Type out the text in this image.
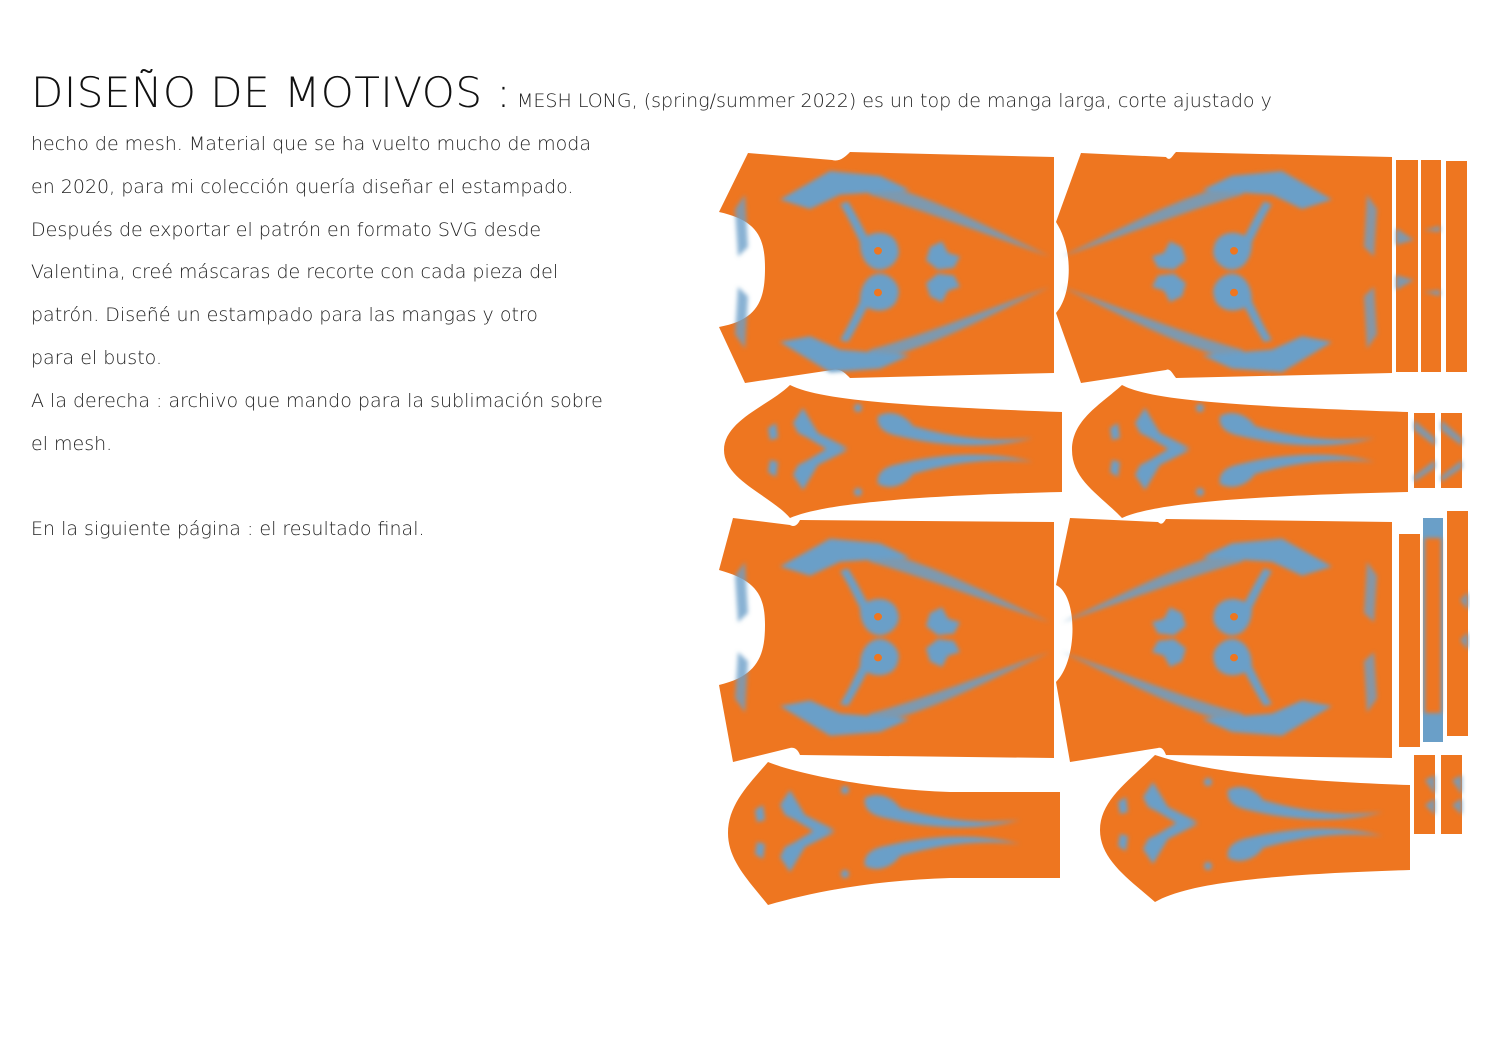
DISEÑO DE MOTIVOS : MESH LONG, (spring/summer 2022) es un top de manga larga, corte ajustado y

hecho de mesh. Material que se ha vuelto mucho de moda

en 2020, para mi colección quería diseñar el estampado.

Después de exportar el patrón en formato SVG desde

Valentina, creé máscaras de recorte con cada pieza del

patrón. Diseñé un estampado para las mangas y otro

para el busto.

A la derecha : archivo que mando para la sublimación sobre

el mesh.

En la siguiente página : el resultado final.
